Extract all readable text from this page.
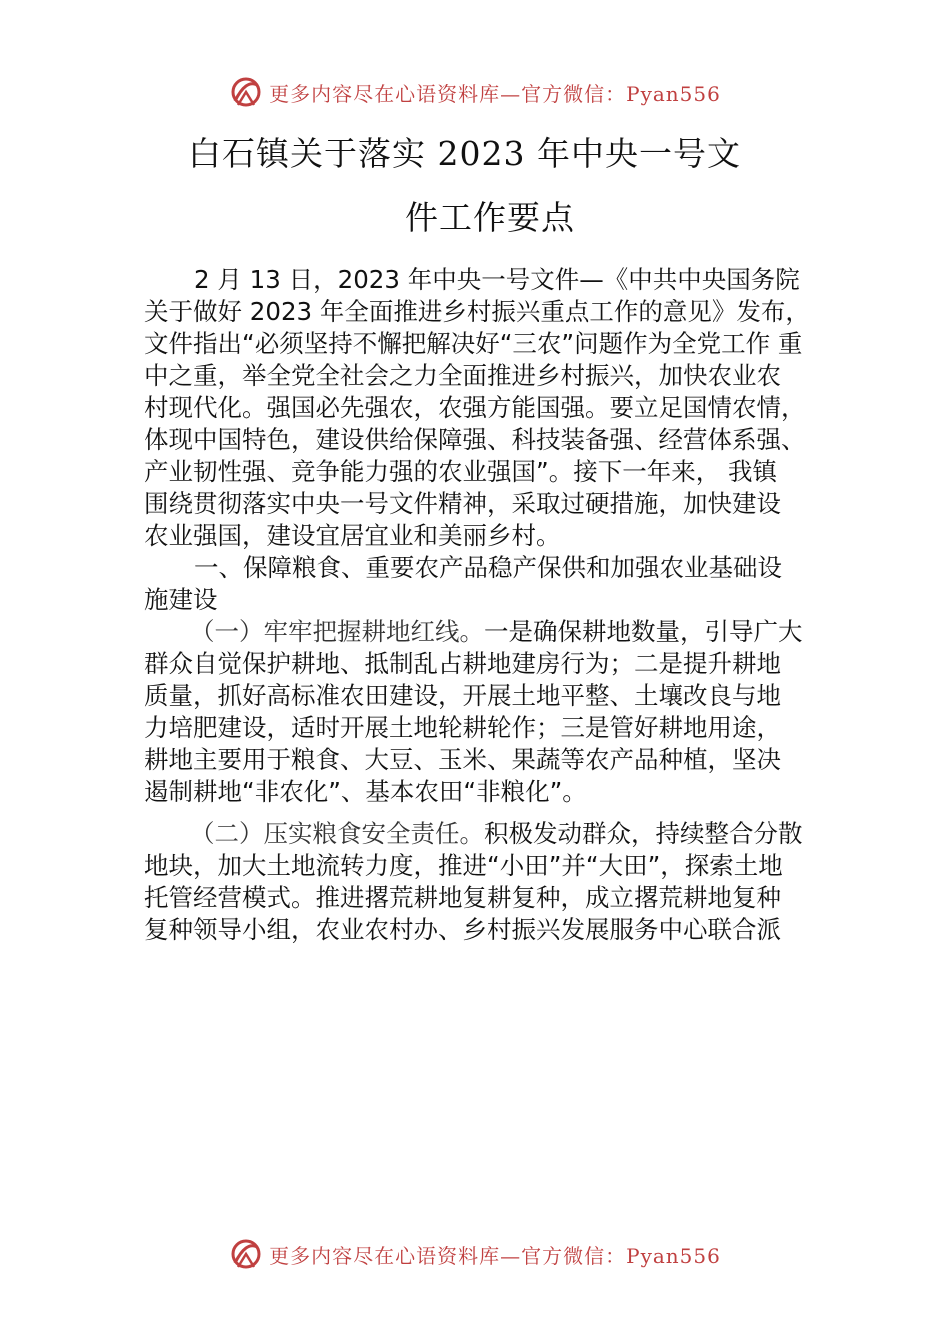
更多内容尽在心语资料库—官方微信：Pyan556
白石镇关于落实 2023 年中央一号文
件工作要点
2 月 13 日，2023 年中央一号文件—《中共中央国务院
关于做好 2023 年全面推进乡村振兴重点工作的意见》发布，
文件指出“必须坚持不懈把解决好“三农”问题作为全党工作 重
中之重，举全党全社会之力全面推进乡村振兴，加快农业农
村现代化。强国必先强农，农强方能国强。要立足国情农情，
体现中国特色，建设供给保障强、科技装备强、经营体系强、
产业韧性强、竞争能力强的农业强国”。接下一年来， 我镇
围绕贯彻落实中央一号文件精神，采取过硬措施，加快建设
农业强国，建设宜居宜业和美丽乡村。
一、保障粮食、重要农产品稳产保供和加强农业基础设
施建设
（一）牢牢把握耕地红线。一是确保耕地数量，引导广大
群众自觉保护耕地、抵制乱占耕地建房行为；二是提升耕地
质量，抓好高标准农田建设，开展土地平整、土壤改良与地
力培肥建设，适时开展土地轮耕轮作；三是管好耕地用途，
耕地主要用于粮食、大豆、玉米、果蔬等农产品种植，坚决
遏制耕地“非农化”、基本农田“非粮化”。
（二）压实粮食安全责任。积极发动群众，持续整合分散
地块，加大土地流转力度，推进“小田”并“大田”，探索土地
托管经营模式。推进撂荒耕地复耕复种，成立撂荒耕地复种
复种领导小组，农业农村办、乡村振兴发展服务中心联合派
更多内容尽在心语资料库—官方微信：Pyan556
